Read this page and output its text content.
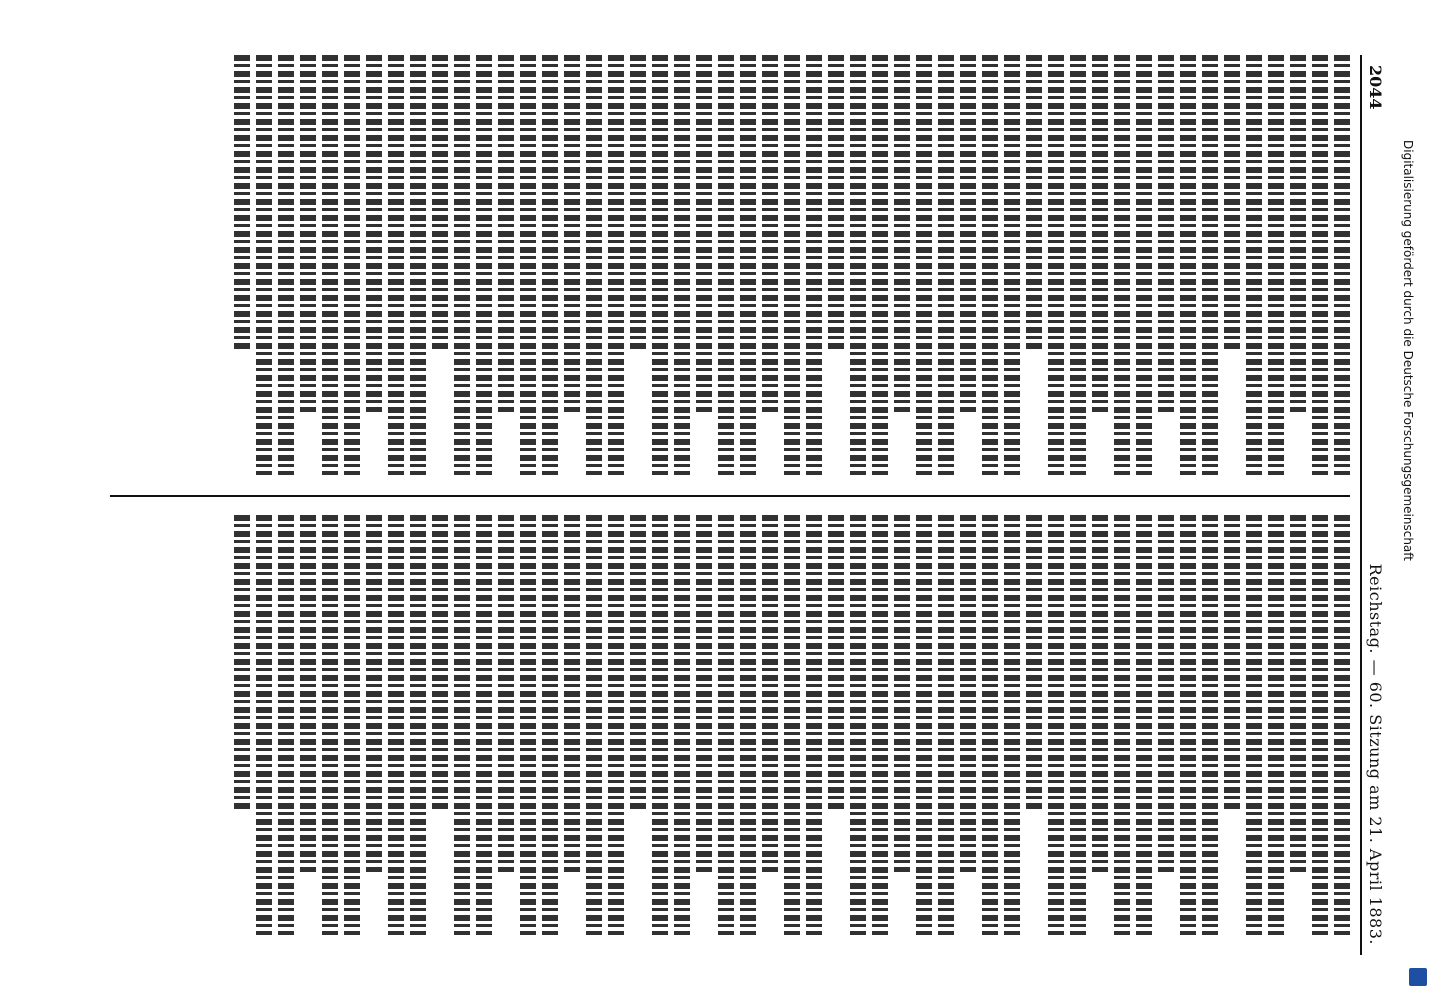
2044
Reichstag. — 60. Sitzung am 21. April 1883.
Digitalisierung gefördert durch die Deutsche Forschungsgemeinschaft
